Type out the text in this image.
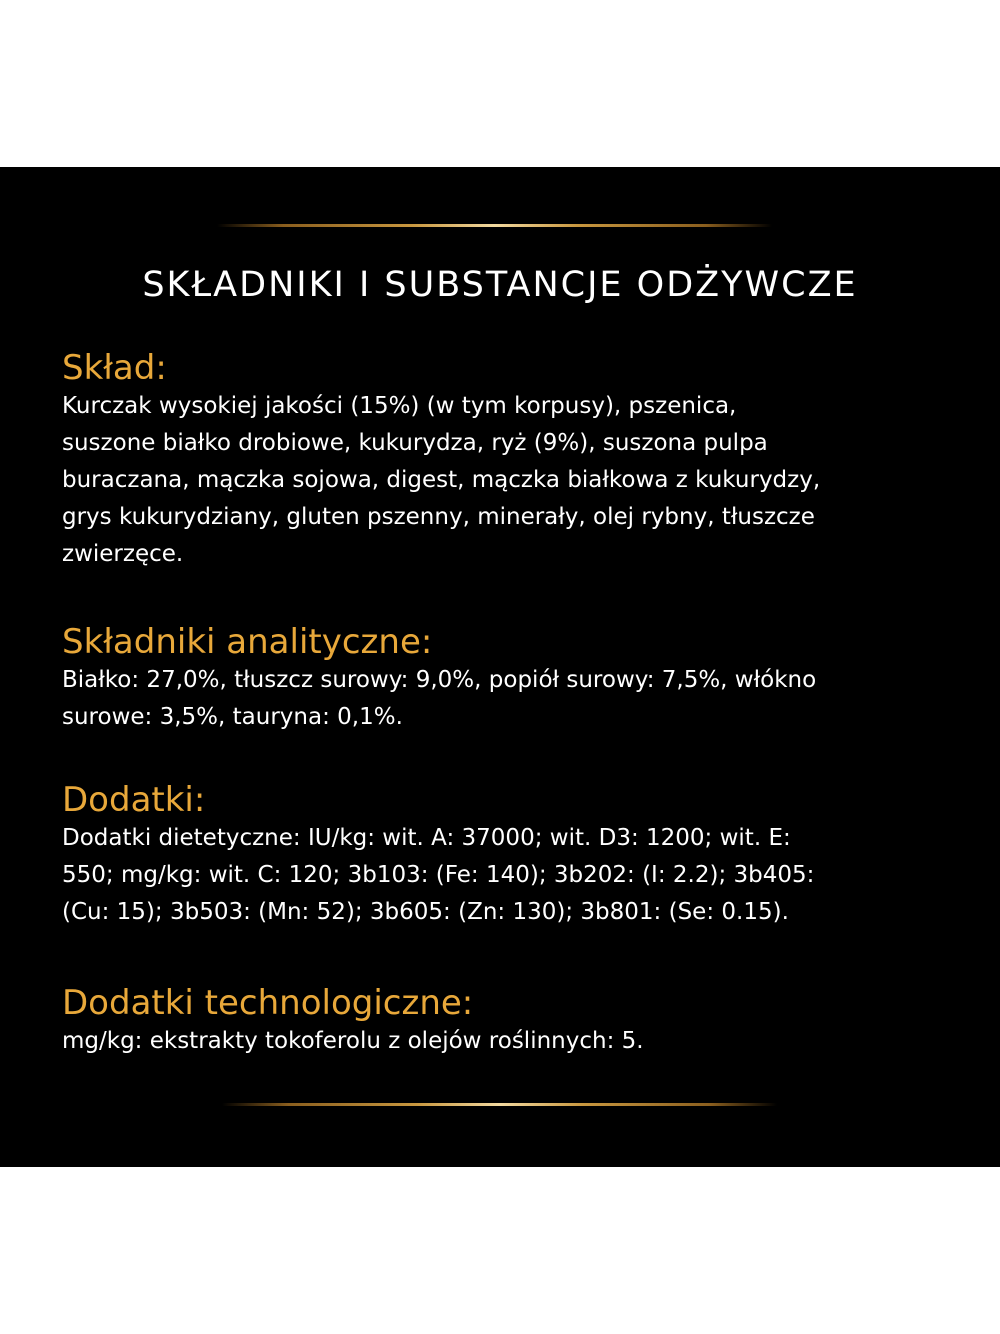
SKŁADNIKI I SUBSTANCJE ODŻYWCZE

Skład:

Kurczak wysokiej jakości (15%) (w tym korpusy), pszenica,
suszone białko drobiowe, kukurydza, ryż (9%), suszona pulpa
buraczana, mączka sojowa, digest, mączka białkowa z kukurydzy,
grys kukurydziany, gluten pszenny, minerały, olej rybny, tłuszcze
zwierzęce.

Składniki analityczne:

Białko: 27,0%, tłuszcz surowy: 9,0%, popiół surowy: 7,5%, włókno
surowe: 3,5%, tauryna: 0,1%.

Dodatki:

Dodatki dietetyczne: IU/kg: wit. A: 37000; wit. D3: 1200; wit. E:
550; mg/kg: wit. C: 120; 3b103: (Fe: 140); 3b202: (I: 2.2); 3b405:
(Cu: 15); 3b503: (Mn: 52); 3b605: (Zn: 130); 3b801: (Se: 0.15).

Dodatki technologiczne:

mg/kg: ekstrakty tokoferolu z olejów roślinnych: 5.
